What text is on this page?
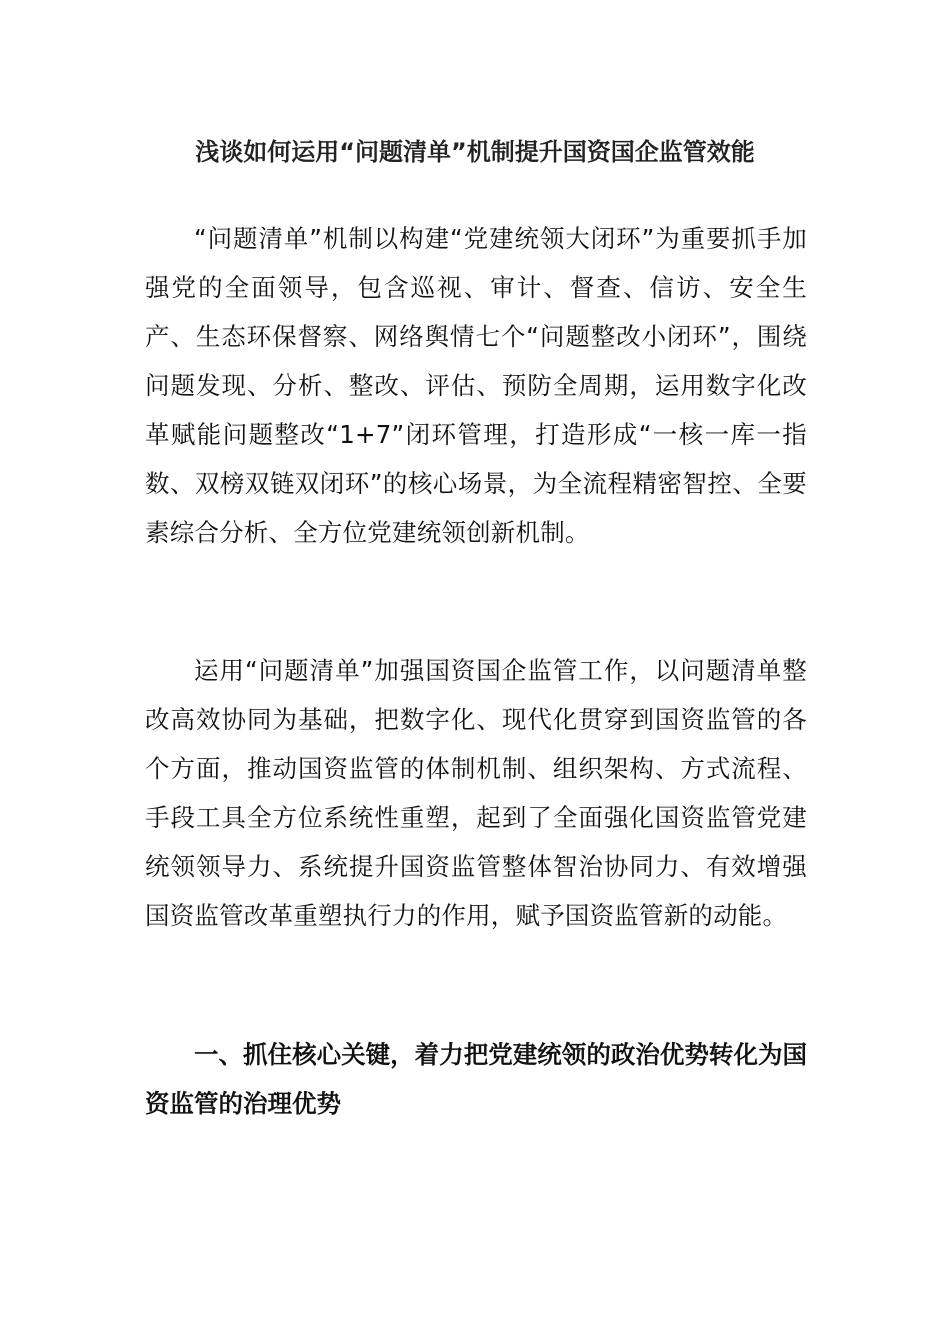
浅谈如何运用“问题清单”机制提升国资国企监管效能

“问题清单”机制以构建“党建统领大闭环”为重要抓手加强党的全面领导，包含巡视、审计、督查、信访、安全生产、生态环保督察、网络舆情七个“问题整改小闭环”，围绕问题发现、分析、整改、评估、预防全周期，运用数字化改革赋能问题整改“1+7”闭环管理，打造形成“一核一库一指数、双榜双链双闭环”的核心场景，为全流程精密智控、全要素综合分析、全方位党建统领创新机制。

运用“问题清单”加强国资国企监管工作，以问题清单整改高效协同为基础，把数字化、现代化贯穿到国资监管的各个方面，推动国资监管的体制机制、组织架构、方式流程、手段工具全方位系统性重塑，起到了全面强化国资监管党建统领领导力、系统提升国资监管整体智治协同力、有效增强国资监管改革重塑执行力的作用，赋予国资监管新的动能。

一、抓住核心关键，着力把党建统领的政治优势转化为国资监管的治理优势
